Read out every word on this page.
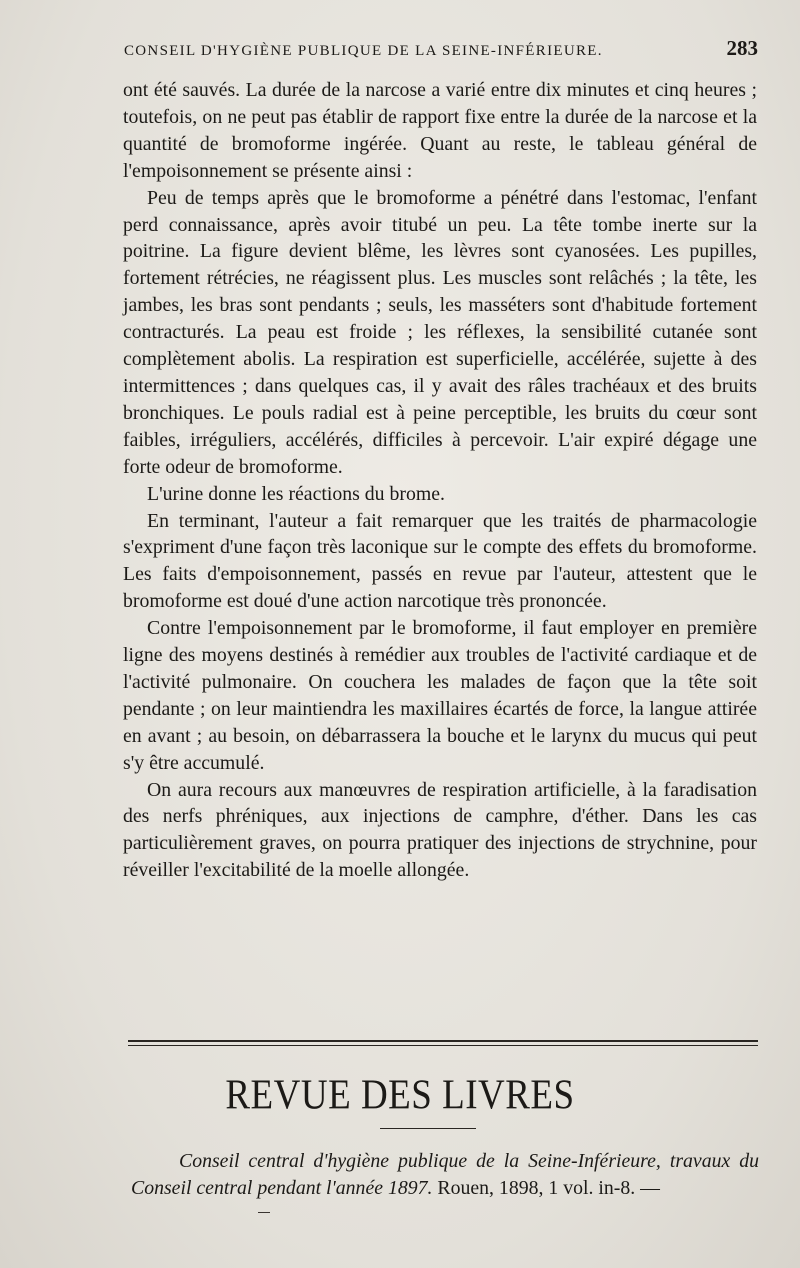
CONSEIL D'HYGIÈNE PUBLIQUE DE LA SEINE-INFÉRIEURE.	283

ont été sauvés. La durée de la narcose a varié entre dix minutes et cinq heures ; toutefois, on ne peut pas établir de rapport fixe entre la durée de la narcose et la quantité de bromoforme ingérée. Quant au reste, le tableau général de l'empoisonnement se présente ainsi :

Peu de temps après que le bromoforme a pénétré dans l'estomac, l'enfant perd connaissance, après avoir titubé un peu. La tête tombe inerte sur la poitrine. La figure devient blême, les lèvres sont cyanosées. Les pupilles, fortement rétrécies, ne réagissent plus. Les muscles sont relâchés ; la tête, les jambes, les bras sont pendants ; seuls, les masséters sont d'habitude fortement contracturés. La peau est froide ; les réflexes, la sensibilité cutanée sont complètement abolis. La respiration est superficielle, accélérée, sujette à des intermittences ; dans quelques cas, il y avait des râles trachéaux et des bruits bronchiques. Le pouls radial est à peine perceptible, les bruits du cœur sont faibles, irréguliers, accélérés, difficiles à percevoir. L'air expiré dégage une forte odeur de bromoforme.

L'urine donne les réactions du brome.

En terminant, l'auteur a fait remarquer que les traités de pharmacologie s'expriment d'une façon très laconique sur le compte des effets du bromoforme. Les faits d'empoisonnement, passés en revue par l'auteur, attestent que le bromoforme est doué d'une action narcotique très prononcée.

Contre l'empoisonnement par le bromoforme, il faut employer en première ligne des moyens destinés à remédier aux troubles de l'activité cardiaque et de l'activité pulmonaire. On couchera les malades de façon que la tête soit pendante ; on leur maintiendra les maxillaires écartés de force, la langue attirée en avant ; au besoin, on débarrassera la bouche et le larynx du mucus qui peut s'y être accumulé.

On aura recours aux manœuvres de respiration artificielle, à la faradisation des nerfs phréniques, aux injections de camphre, d'éther. Dans les cas particulièrement graves, on pourra pratiquer des injections de strychnine, pour réveiller l'excitabilité de la moelle allongée.

REVUE DES LIVRES

Conseil central d'hygiène publique de la Seine-Inférieure, travaux du Conseil central pendant l'année 1897. Rouen, 1898, 1 vol. in-8. —
